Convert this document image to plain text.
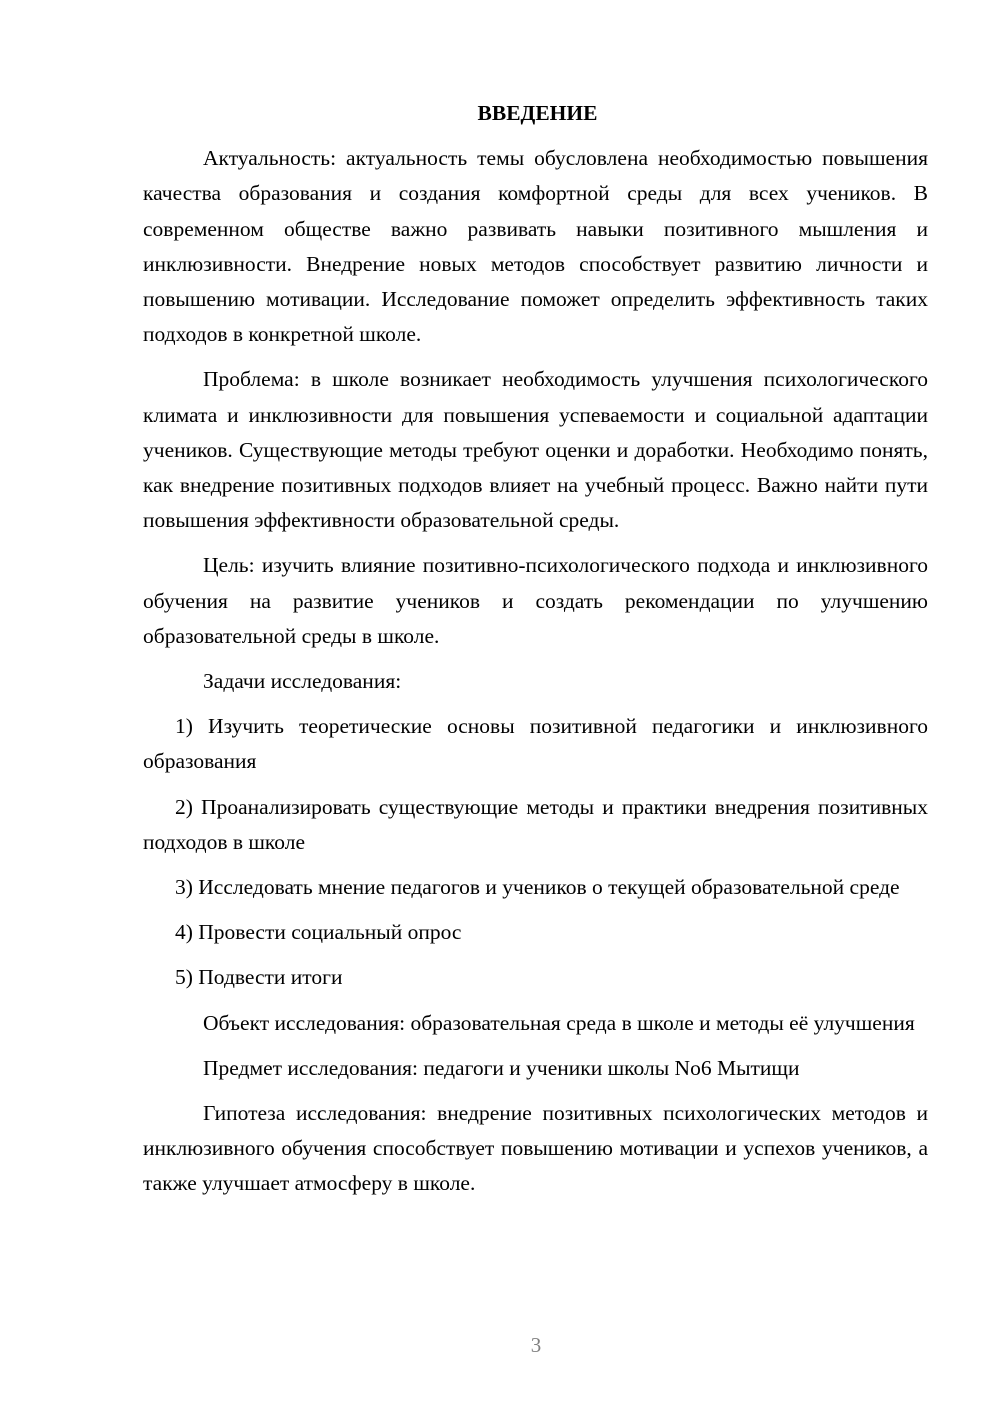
ВВЕДЕНИЕ

Актуальность: актуальность темы обусловлена необходимостью повышения качества образования и создания комфортной среды для всех учеников. В современном обществе важно развивать навыки позитивного мышления и инклюзивности. Внедрение новых методов способствует развитию личности и повышению мотивации. Исследование поможет определить эффективность таких подходов в конкретной школе.

Проблема: в школе возникает необходимость улучшения психологического климата и инклюзивности для повышения успеваемости и социальной адаптации учеников. Существующие методы требуют оценки и доработки. Необходимо понять, как внедрение позитивных подходов влияет на учебный процесс. Важно найти пути повышения эффективности образовательной среды.

Цель: изучить влияние позитивно-психологического подхода и инклюзивного обучения на развитие учеников и создать рекомендации по улучшению образовательной среды в школе.

Задачи исследования:

1) Изучить теоретические основы позитивной педагогики и инклюзивного образования

2) Проанализировать существующие методы и практики внедрения позитивных подходов в школе

3) Исследовать мнение педагогов и учеников о текущей образовательной среде

4) Провести социальный опрос

5) Подвести итоги

Объект исследования: образовательная среда в школе и методы её улучшения

Предмет исследования: педагоги и ученики школы No6 Мытищи

Гипотеза исследования: внедрение позитивных психологических методов и инклюзивного обучения способствует повышению мотивации и успехов учеников, а также улучшает атмосферу в школе.

3
